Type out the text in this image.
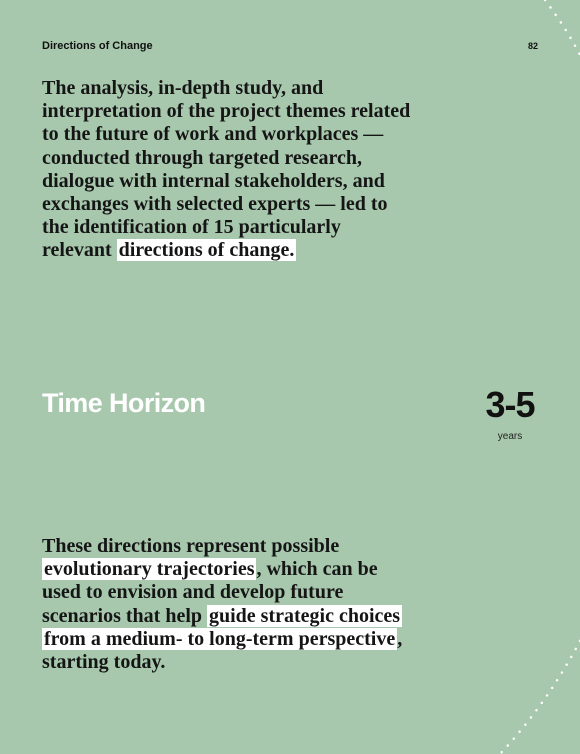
Directions of Change	82

The analysis, in-depth study, and interpretation of the project themes related to the future of work and workplaces — conducted through targeted research, dialogue with internal stakeholders, and exchanges with selected experts — led to the identification of 15 particularly relevant directions of change.

Time Horizon	3-5
years

These directions represent possible evolutionary trajectories , which can be used to envision and develop future scenarios that help guide strategic choices from a medium- to long-term perspective , starting today.
